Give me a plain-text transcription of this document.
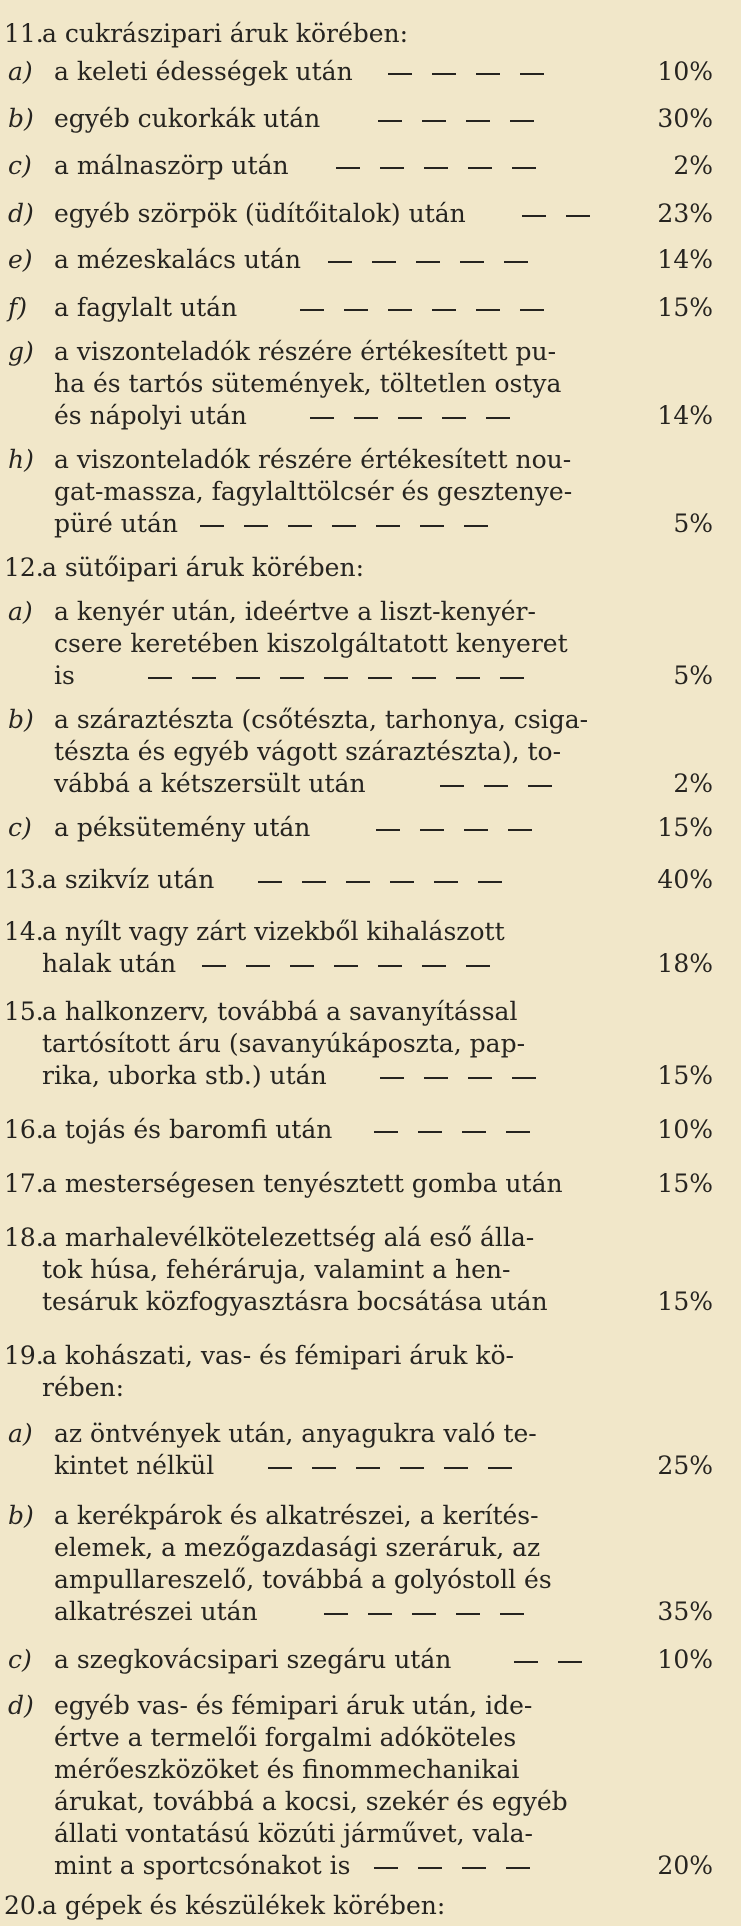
11.
a cukrászipari áruk körében:
a) a keleti édességek után	10%
b) egyéb cukorkák után	30%
c) a málnaszörp után	2%
d) egyéb szörpök (üdítőitalok) után	23%
e) a mézeskalács után	14%
f) a fagylalt után	15%
g) a viszonteladók részére értékesített pu-
ha és tartós sütemények, töltetlen ostya
és nápolyi után	14%
h) a viszonteladók részére értékesített nou-
gat-massza, fagylalttölcsér és gesztenye-
püré után	5%
12.
a sütőipari áruk körében:
a) a kenyér után, ideértve a liszt-kenyér-
csere keretében kiszolgáltatott kenyeret
is	5%
b) a száraztészta (csőtészta, tarhonya, csiga-
tészta és egyéb vágott száraztészta), to-
vábbá a kétszersült után	2%
c) a péksütemény után	15%
13.
a szikvíz után	40%
14.
a nyílt vagy zárt vizekből kihalászott
halak után	18%
15.
a halkonzerv, továbbá a savanyítással
tartósított áru (savanyúkáposzta, pap-
rika, uborka stb.) után	15%
16.
a tojás és baromfi után	10%
17.
a mesterségesen tenyésztett gomba után	15%
18.
a marhalevélkötelezettség alá eső álla-
tok húsa, fehéráruja, valamint a hen-
tesáruk közfogyasztásra bocsátása után	15%
19.
a kohászati, vas- és fémipari áruk kö-
rében:
a) az öntvények után, anyagukra való te-
kintet nélkül	25%
b) a kerékpárok és alkatrészei, a kerítés-
elemek, a mezőgazdasági szeráruk, az
ampullareszelő, továbbá a golyóstoll és
alkatrészei után	35%
c) a szegkovácsipari szegáru után	10%
d) egyéb vas- és fémipari áruk után, ide-
értve a termelői forgalmi adóköteles
mérőeszközöket és finommechanikai
árukat, továbbá a kocsi, szekér és egyéb
állati vontatású közúti járművet, vala-
mint a sportcsónakot is	20%
20.
a gépek és készülékek körében:
